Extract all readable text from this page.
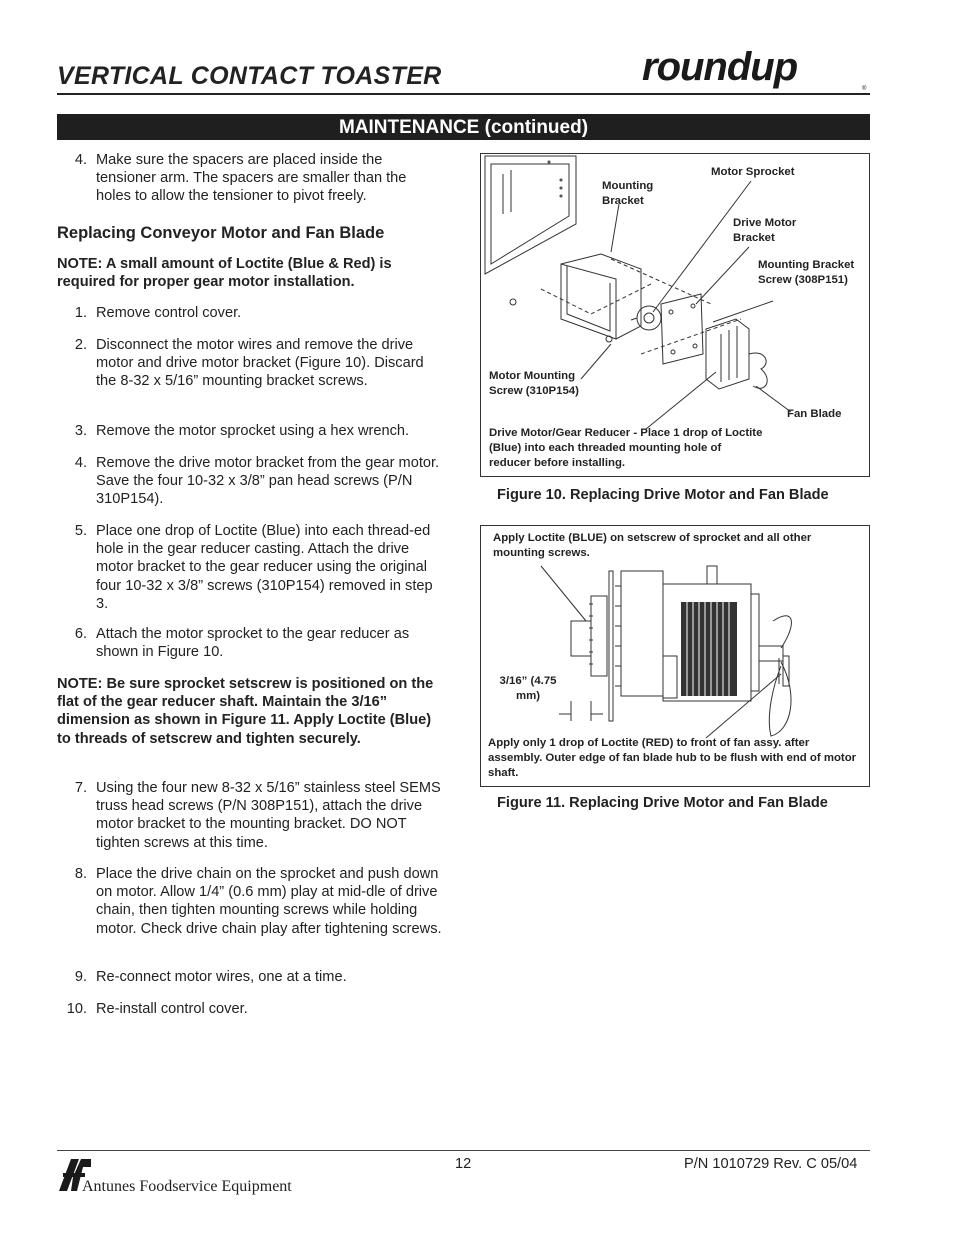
VERTICAL CONTACT TOASTER	roundup	®
MAINTENANCE (continued)
4. Make sure the spacers are placed inside the tensioner arm. The spacers are smaller than the holes to allow the tensioner to pivot freely.
Replacing Conveyor Motor and Fan Blade
NOTE: A small amount of Loctite (Blue & Red) is required for proper gear motor installation.
1. Remove control cover.
2. Disconnect the motor wires and remove the drive motor and drive motor bracket (Figure 10). Discard the 8-32 x 5/16” mounting bracket screws.
3. Remove the motor sprocket using a hex wrench.
4. Remove the drive motor bracket from the gear motor. Save the four 10-32 x 3/8” pan head screws (P/N 310P154).
5. Place one drop of Loctite (Blue) into each thread-ed hole in the gear reducer casting. Attach the drive motor bracket to the gear reducer using the original four 10-32 x 3/8” screws (310P154) removed in step 3.
6. Attach the motor sprocket to the gear reducer as shown in Figure 10.
NOTE: Be sure sprocket setscrew is positioned on the flat of the gear reducer shaft. Maintain the 3/16” dimension as shown in Figure 11. Apply Loctite (Blue) to threads of setscrew and tighten securely.
7. Using the four new 8-32 x 5/16” stainless steel SEMS truss head screws (P/N 308P151), attach the drive motor bracket to the mounting bracket. DO NOT tighten screws at this time.
8. Place the drive chain on the sprocket and push down on motor. Allow 1/4” (0.6 mm) play at mid-dle of drive chain, then tighten mounting screws while holding motor. Check drive chain play after tightening screws.
9. Re-connect motor wires, one at a time.
10. Re-install control cover.
Mounting Bracket
Motor Sprocket
Drive Motor Bracket
Mounting Bracket Screw (308P151)
Motor Mounting Screw (310P154)
Fan Blade
Drive Motor/Gear Reducer - Place 1 drop of Loctite (Blue) into each threaded mounting hole of reducer before installing.
Figure 10. Replacing Drive Motor and Fan Blade
Apply Loctite (BLUE) on setscrew of sprocket and all other mounting screws.
3/16” (4.75 mm)
Apply only 1 drop of Loctite (RED) to front of fan assy. after assembly. Outer edge of fan blade hub to be flush with end of motor shaft.
Figure 11. Replacing Drive Motor and Fan Blade
Antunes Foodservice Equipment
12	P/N 1010729 Rev. C 05/04
